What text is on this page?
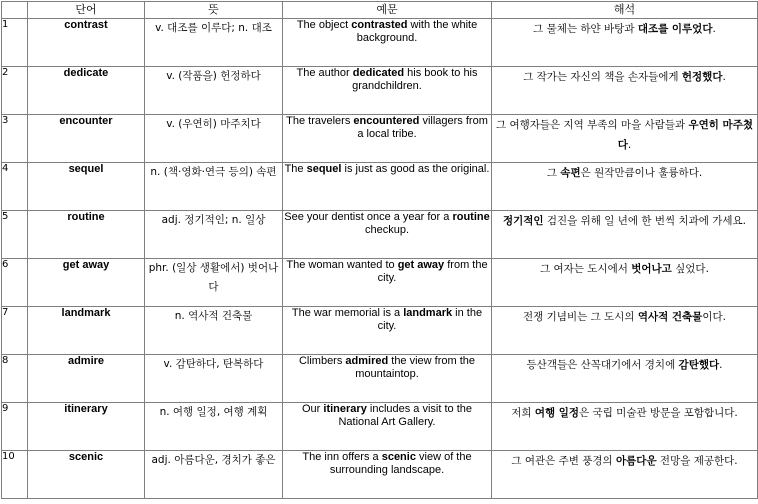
	단어	뜻	예문	해석
1	contrast	v. 대조를 이루다; n. 대조	The object contrasted with the white background.	그 물체는 하얀 바탕과 대조를 이루었다.
2	dedicate	v. (작품을) 헌정하다	The author dedicated his book to his grandchildren.	그 작가는 자신의 책을 손자들에게 헌정했다.
3	encounter	v. (우연히) 마주치다	The travelers encountered villagers from a local tribe.	그 여행자들은 지역 부족의 마을 사람들과 우연히 마주쳤다.
4	sequel	n. (책·영화·연극 등의) 속편	The sequel is just as good as the original.	그 속편은 원작만큼이나 훌륭하다.
5	routine	adj. 정기적인; n. 일상	See your dentist once a year for a routine checkup.	정기적인 검진을 위해 일 년에 한 번씩 치과에 가세요.
6	get away	phr. (일상 생활에서) 벗어나다	The woman wanted to get away from the city.	그 여자는 도시에서 벗어나고 싶었다.
7	landmark	n. 역사적 건축물	The war memorial is a landmark in the city.	전쟁 기념비는 그 도시의 역사적 건축물이다.
8	admire	v. 감탄하다, 탄복하다	Climbers admired the view from the mountaintop.	등산객들은 산꼭대기에서 경치에 감탄했다.
9	itinerary	n. 여행 일정, 여행 계획	Our itinerary includes a visit to the National Art Gallery.	저희 여행 일정은 국립 미술관 방문을 포함합니다.
10	scenic	adj. 아름다운, 경치가 좋은	The inn offers a scenic view of the surrounding landscape.	그 여관은 주변 풍경의 아름다운 전망을 제공한다.
